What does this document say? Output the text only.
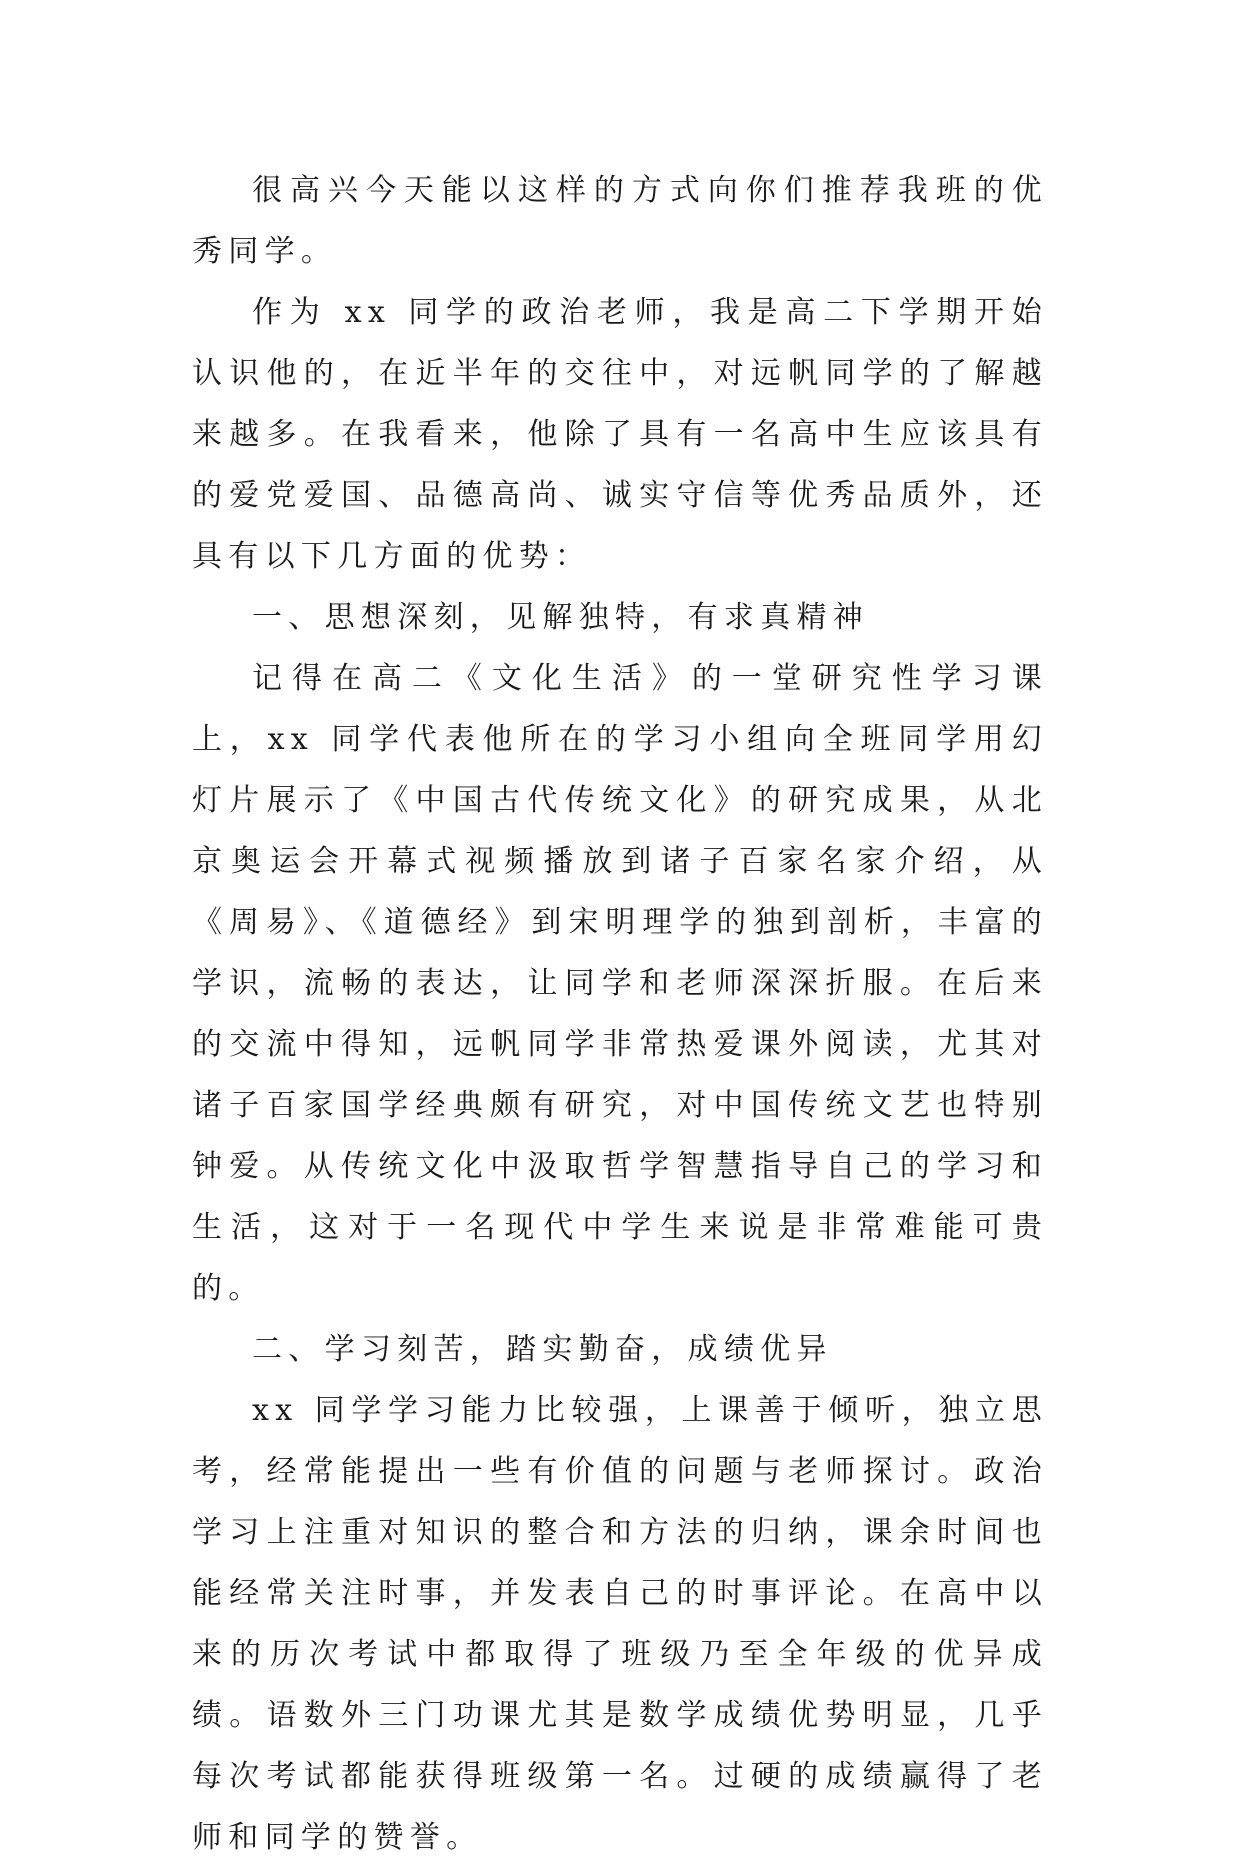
很高兴今天能以这样的方式向你们推荐我班的优秀同学。

作为 xx 同学的政治老师，我是高二下学期开始认识他的，在近半年的交往中，对远帆同学的了解越来越多。在我看来，他除了具有一名高中生应该具有的爱党爱国、品德高尚、诚实守信等优秀品质外，还具有以下几方面的优势：

一、思想深刻，见解独特，有求真精神

记得在高二《文化生活》的一堂研究性学习课上，xx 同学代表他所在的学习小组向全班同学用幻灯片展示了《中国古代传统文化》的研究成果，从北京奥运会开幕式视频播放到诸子百家名家介绍，从《周易》、《道德经》到宋明理学的独到剖析，丰富的学识，流畅的表达，让同学和老师深深折服。在后来的交流中得知，远帆同学非常热爱课外阅读，尤其对诸子百家国学经典颇有研究，对中国传统文艺也特别钟爱。从传统文化中汲取哲学智慧指导自己的学习和生活，这对于一名现代中学生来说是非常难能可贵的。

二、学习刻苦，踏实勤奋，成绩优异

xx 同学学习能力比较强，上课善于倾听，独立思考，经常能提出一些有价值的问题与老师探讨。政治学习上注重对知识的整合和方法的归纳，课余时间也能经常关注时事，并发表自己的时事评论。在高中以来的历次考试中都取得了班级乃至全年级的优异成绩。语数外三门功课尤其是数学成绩优势明显，几乎每次考试都能获得班级第一名。过硬的成绩赢得了老师和同学的赞誉。
